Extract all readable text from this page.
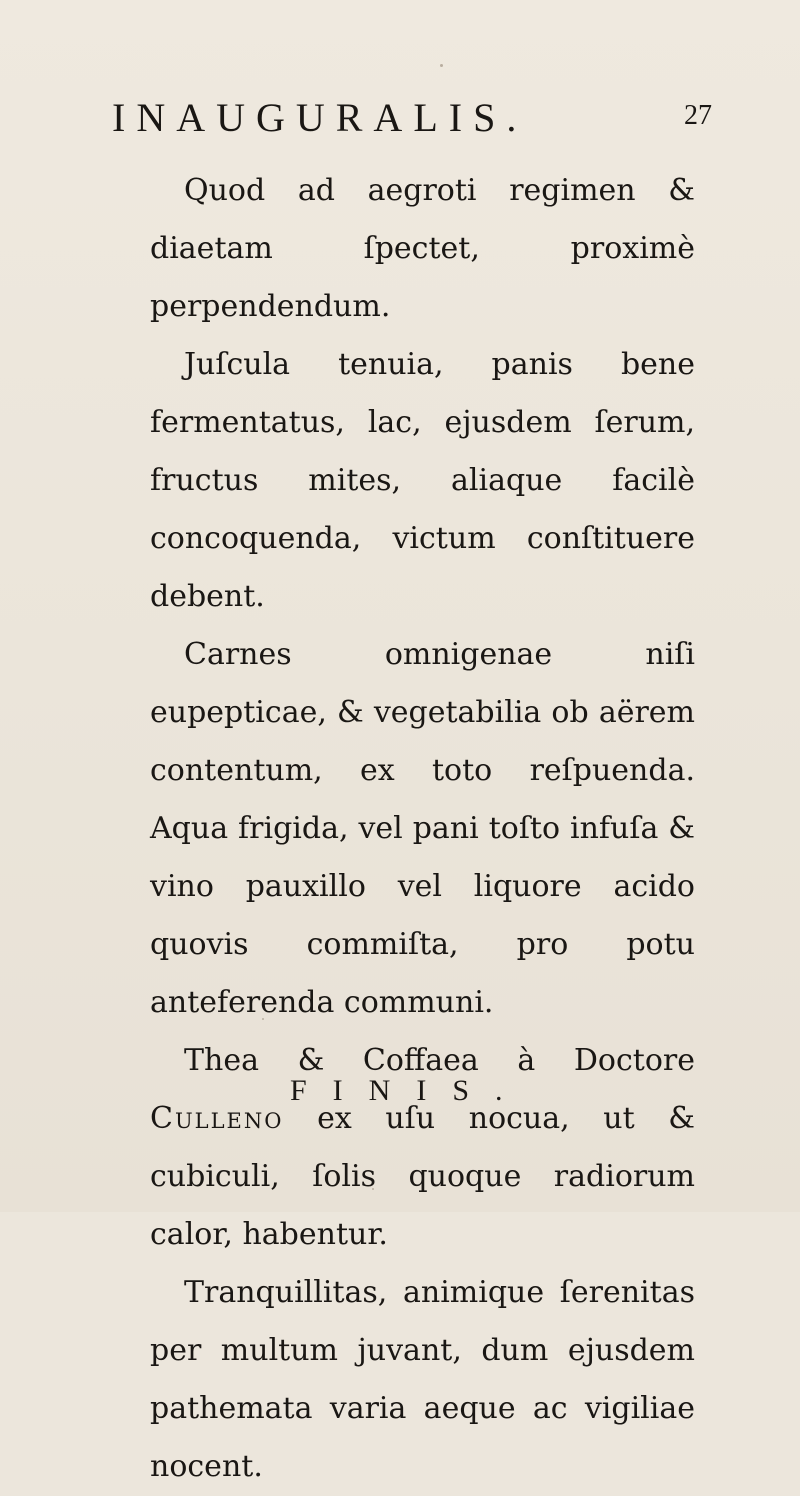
INAUGURALIS.	27

Quod ad aegroti regimen & diaetam ſpectet, proximè perpendendum.

Juſcula tenuia, panis bene fermentatus, lac, ejusdem ſerum, fructus mites, aliaque facilè concoquenda, victum conſtituere debent.

Carnes omnigenae niſi eupepticae, & vegetabilia ob aërem contentum, ex toto reſpuenda. Aqua frigida, vel pani toſto infuſa & vino pauxillo vel liquore acido quovis commiſta, pro potu anteferenda communi.

Thea & Coffaea à Doctore Culleno ex uſu nocua, ut & cubiculi, ſolis quoque radiorum calor, habentur.

Tranquillitas, animique ſerenitas per multum juvant, dum ejusdem pathemata varia aeque ac vigiliae nocent.

FINIS.
